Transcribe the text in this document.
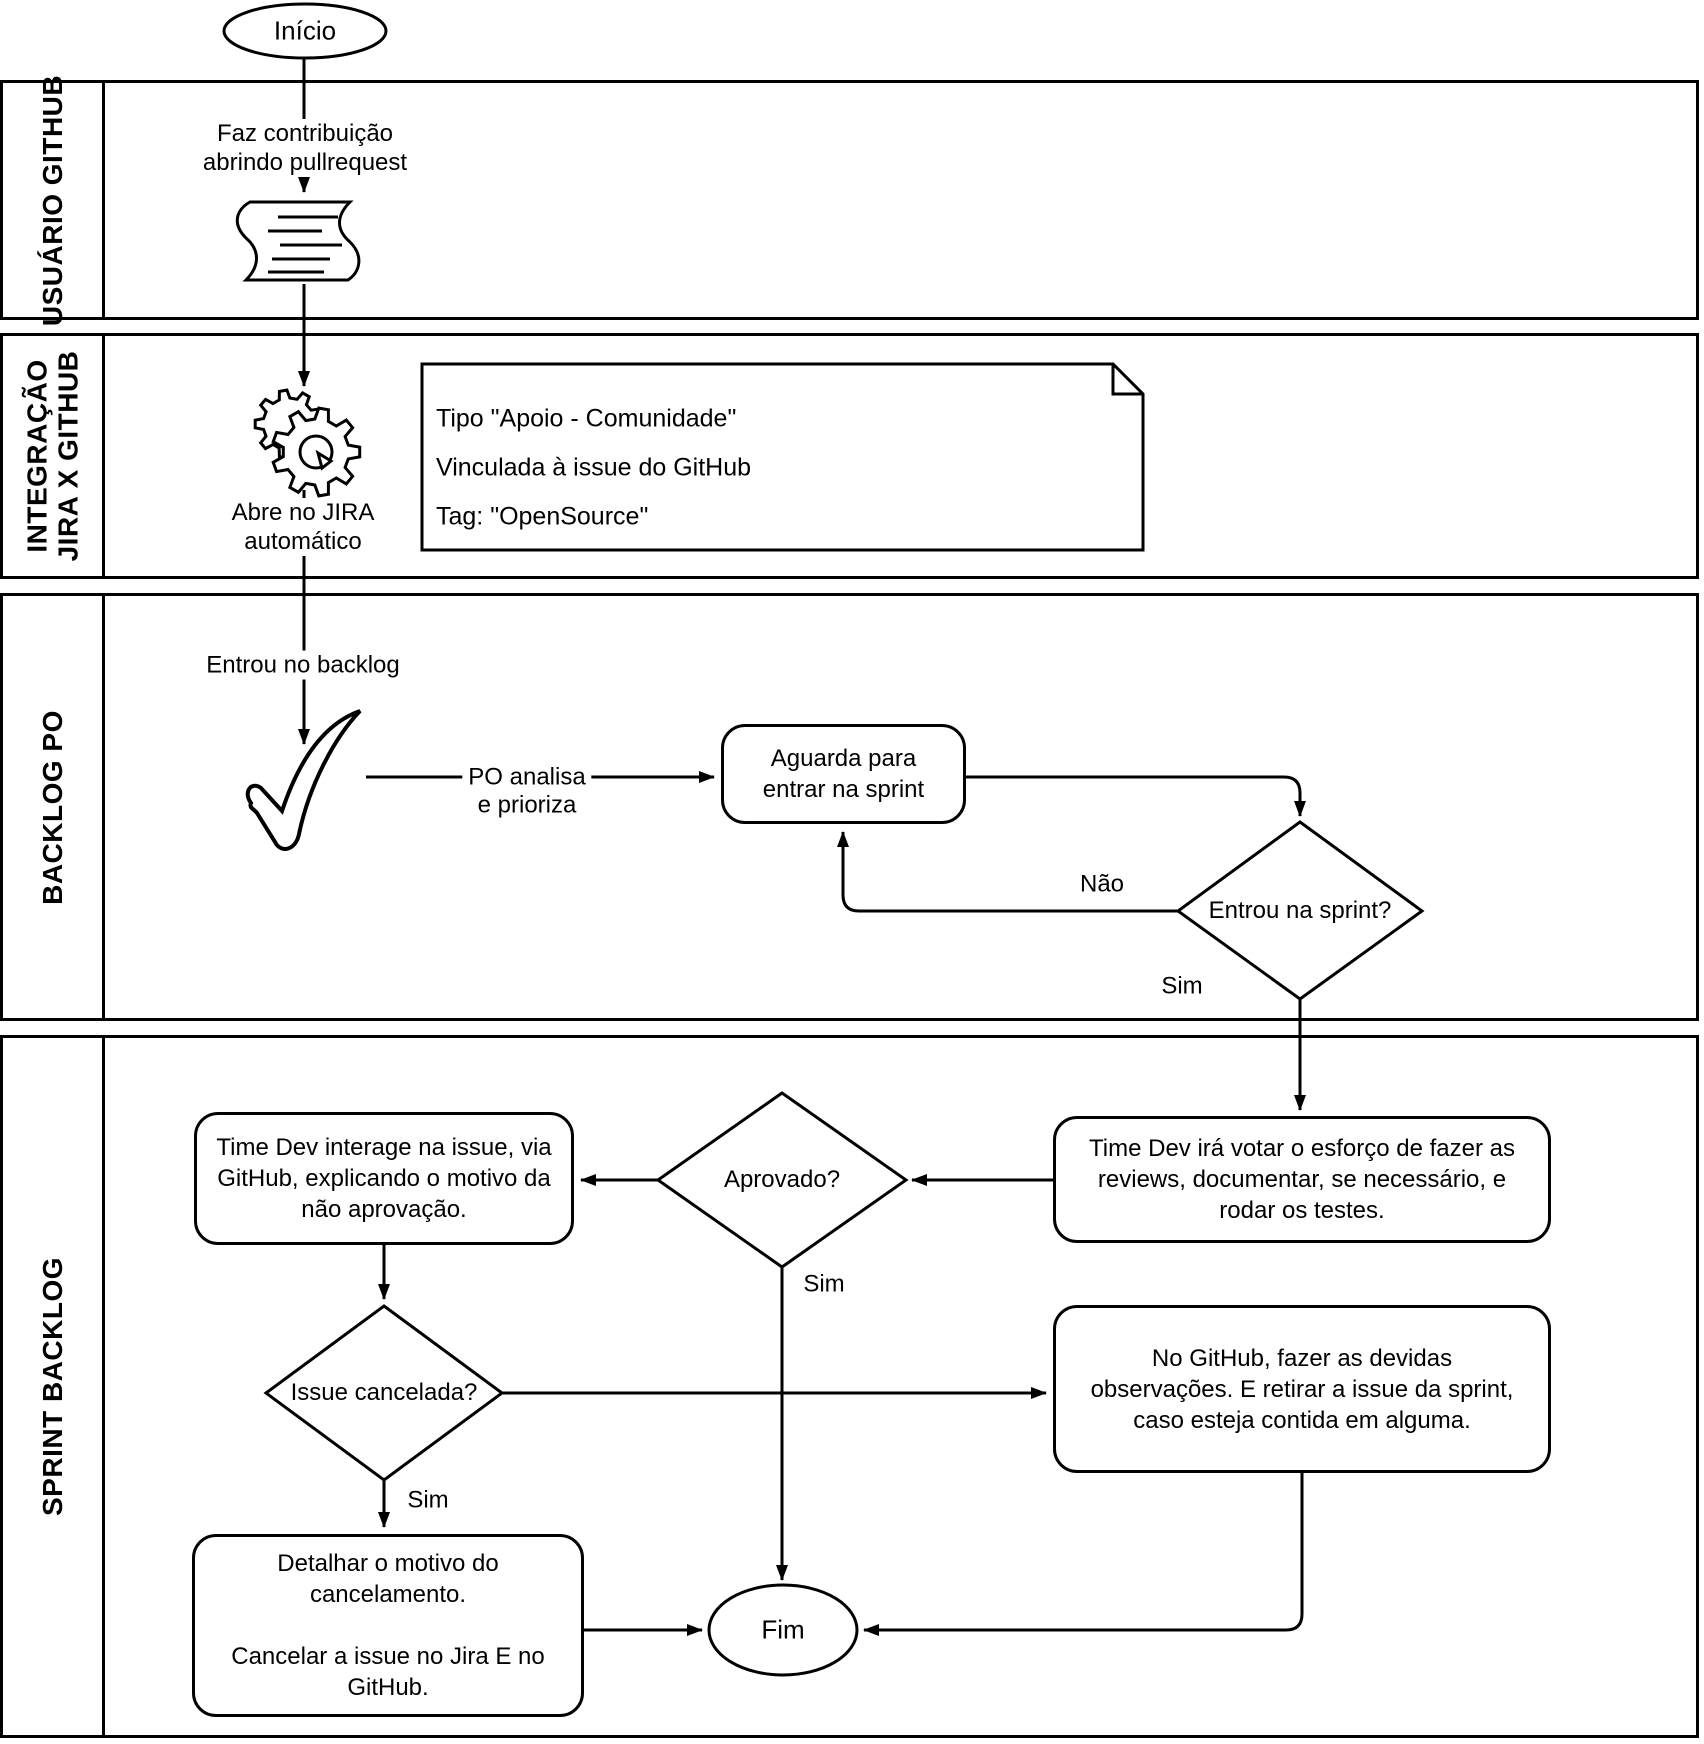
USUÁRIO GITHUB
INTEGRAÇÃO JIRA X GITHUB
BACKLOG PO
SPRINT BACKLOG
Início
Fim
Faz contribuição
abrindo pullrequest
Abre no JIRA
automático
Entrou no backlog
PO analisa
e prioriza
Tipo "Apoio - Comunidade"
Vinculada à issue do GitHub
Tag: "OpenSource"
Aguarda para entrar na sprint
Time Dev irá votar o esforço de fazer as reviews, documentar, se necessário, e rodar os testes.
Time Dev interage na issue, via GitHub, explicando o motivo da não aprovação.
No GitHub, fazer as devidas observações. E retirar a issue da sprint, caso esteja contida em alguma.

Detalhar o motivo do cancelamento.

Cancelar a issue no Jira E no GitHub.

Entrou na sprint?
Aprovado?
Issue cancelada?
Não
Sim
Sim
Sim
